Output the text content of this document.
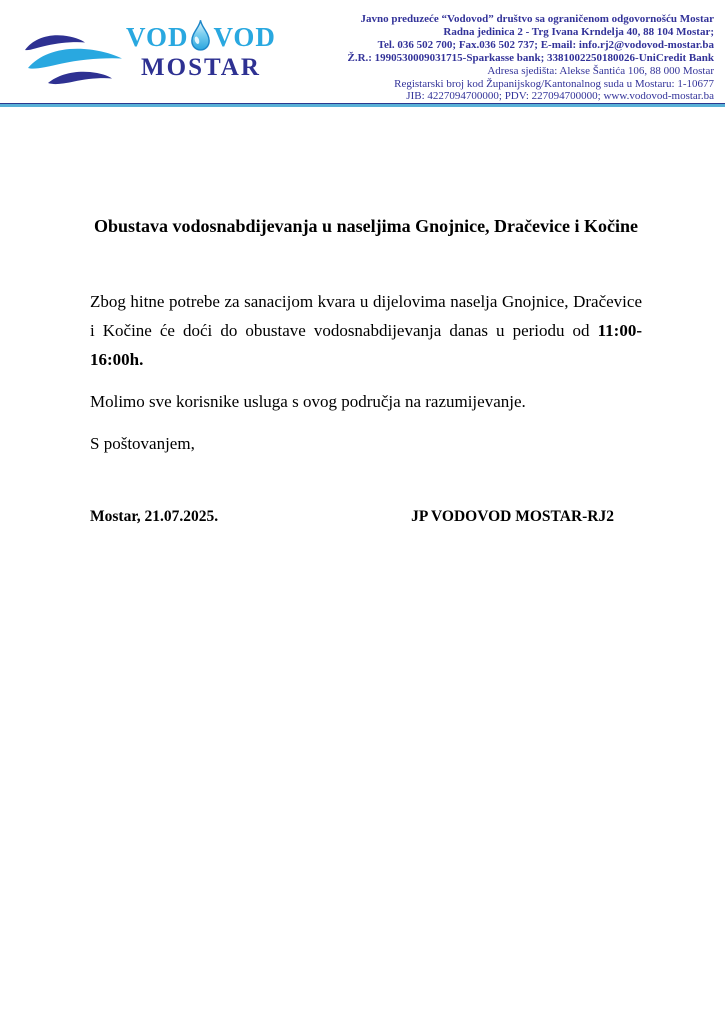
VOD VOD
MOSTAR
Javno preduzeće “Vodovod” društvo sa ograničenom odgovornošću Mostar
Radna jedinica 2 - Trg Ivana Krndelja 40, 88 104 Mostar;
Tel. 036 502 700; Fax.036 502 737; E-mail: info.rj2@vodovod-mostar.ba
Ž.R.: 1990530009031715-Sparkasse bank; 3381002250180026-UniCredit Bank
Adresa sjedišta: Alekse Šantića 106, 88 000 Mostar
Registarski broj kod Županijskog/Kantonalnog suda u Mostaru: 1-10677
JIB: 4227094700000; PDV: 227094700000; www.vodovod-mostar.ba
Obustava vodosnabdijevanja u naseljima Gnojnice, Dračevice i Kočine

Zbog hitne potrebe za sanacijom kvara u dijelovima naselja Gnojnice, Dračevice i Kočine će doći do obustave vodosnabdijevanja danas u periodu od 11:00-16:00h.

Molimo sve korisnike usluga s ovog područja na razumijevanje.

S poštovanjem,

Mostar, 21.07.2025.	JP VODOVOD MOSTAR-RJ2
